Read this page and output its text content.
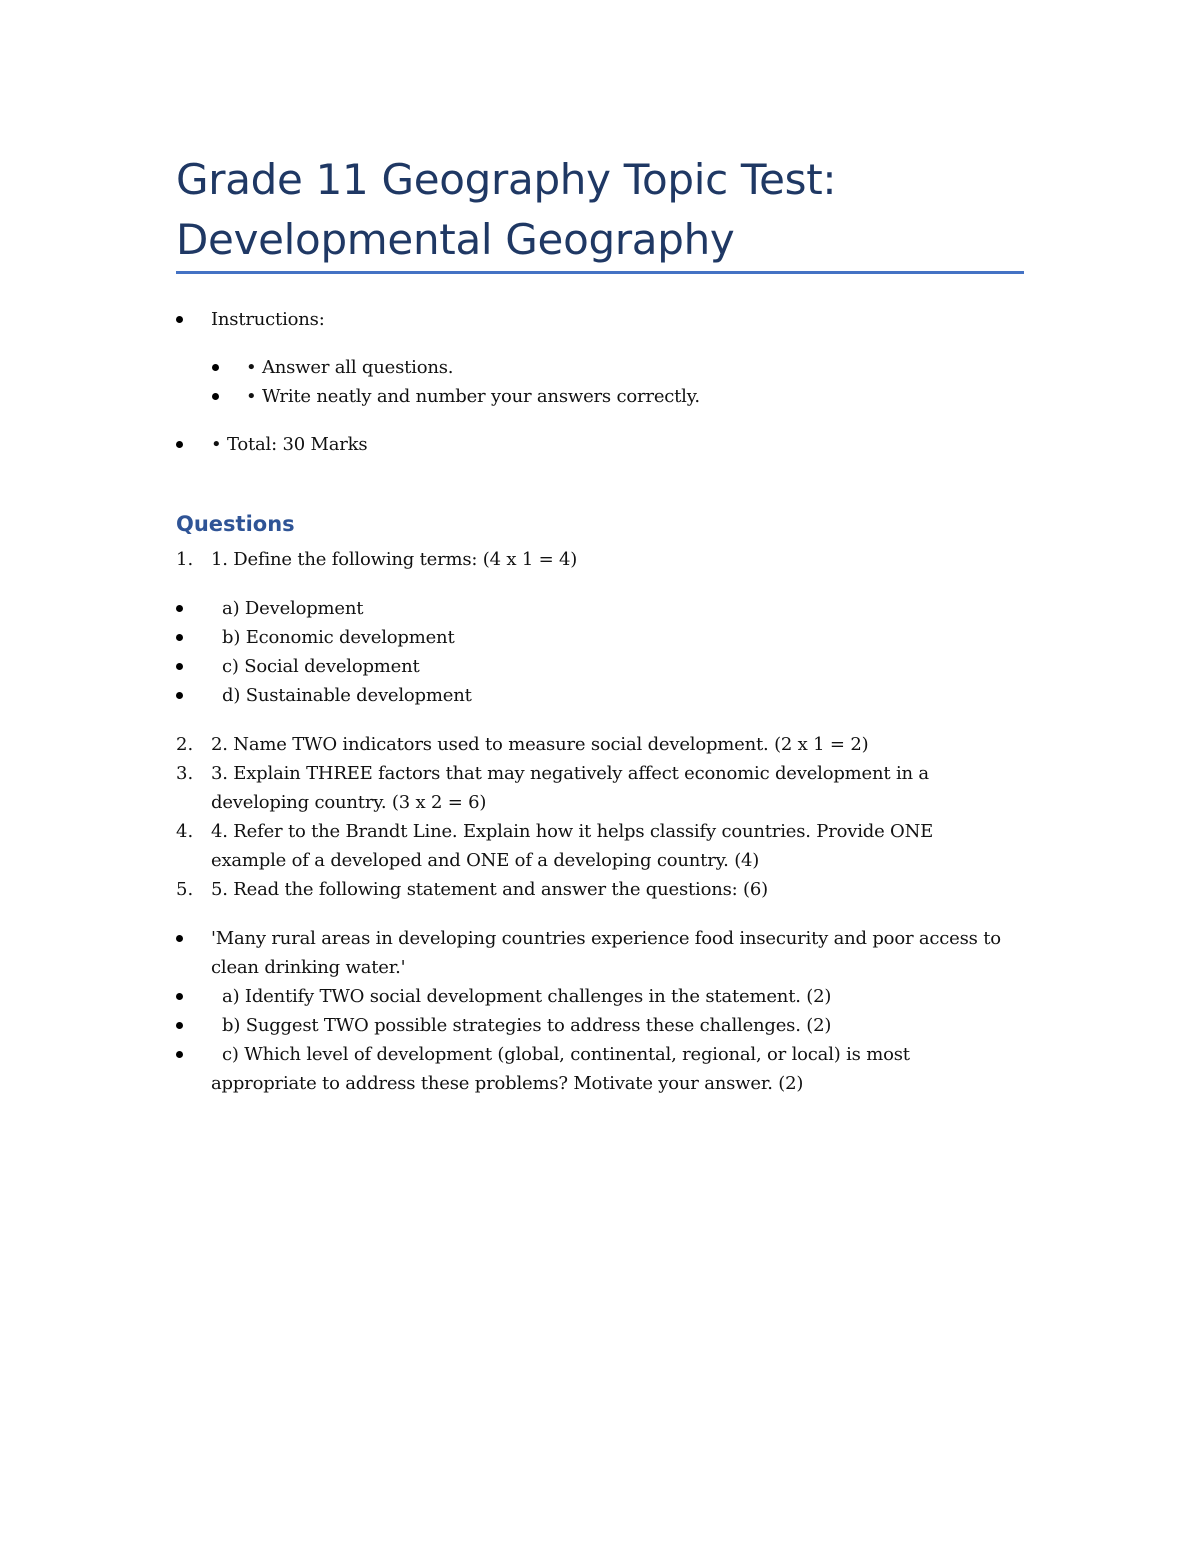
Grade 11 Geography Topic Test:
Developmental Geography
Instructions:
• Answer all questions.
• Write neatly and number your answers correctly.
• Total: 30 Marks
Questions
1. 1. Define the following terms: (4 x 1 = 4)
a) Development
b) Economic development
c) Social development
d) Sustainable development
2. 2. Name TWO indicators used to measure social development. (2 x 1 = 2)
3. 3. Explain THREE factors that may negatively affect economic development in a
developing country. (3 x 2 = 6)
4. 4. Refer to the Brandt Line. Explain how it helps classify countries. Provide ONE
example of a developed and ONE of a developing country. (4)
5. 5. Read the following statement and answer the questions: (6)
'Many rural areas in developing countries experience food insecurity and poor access to
clean drinking water.'
a) Identify TWO social development challenges in the statement. (2)
b) Suggest TWO possible strategies to address these challenges. (2)
c) Which level of development (global, continental, regional, or local) is most
appropriate to address these problems? Motivate your answer. (2)
